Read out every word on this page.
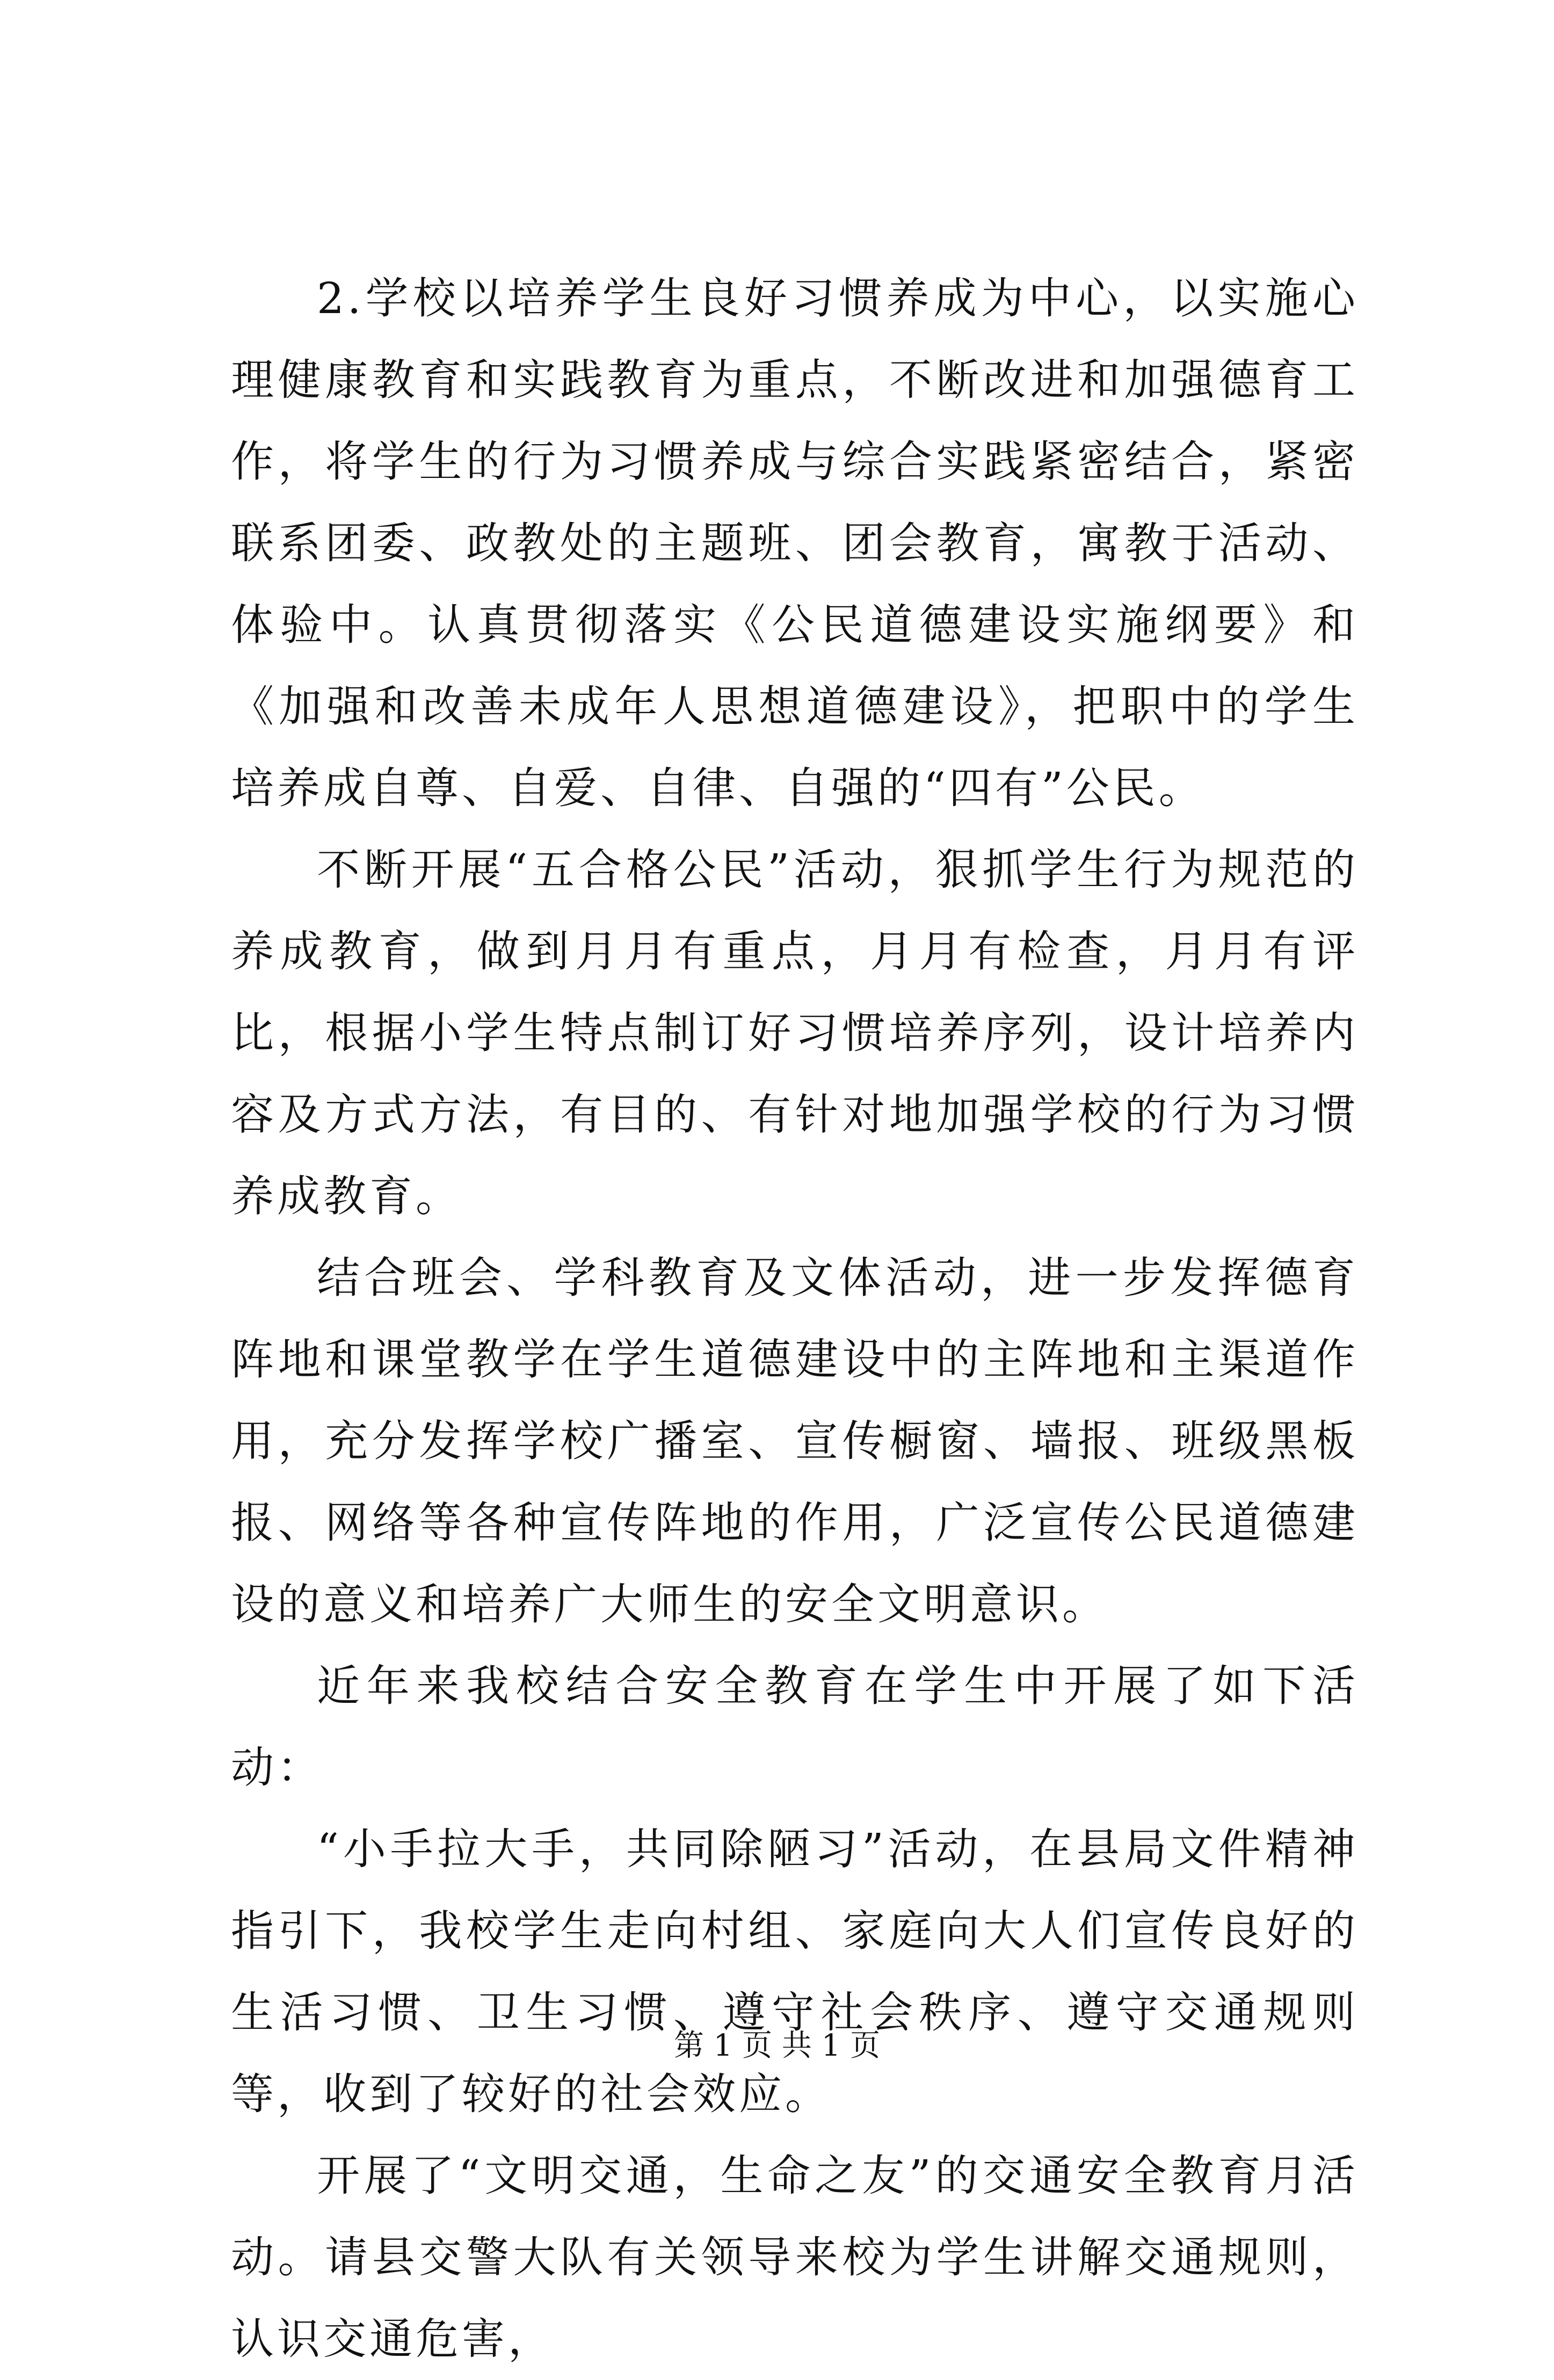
2.学校以培养学生良好习惯养成为中心，以实施心理健康教育和实践教育为重点，不断改进和加强德育工作，将学生的行为习惯养成与综合实践紧密结合，紧密联系团委、政教处的主题班、团会教育，寓教于活动、体验中。认真贯彻落实《公民道德建设实施纲要》和《加强和改善未成年人思想道德建设》，把职中的学生培养成自尊、自爱、自律、自强的“四有”公民。

不断开展“五合格公民”活动，狠抓学生行为规范的养成教育，做到月月有重点，月月有检查，月月有评比，根据小学生特点制订好习惯培养序列，设计培养内容及方式方法，有目的、有针对地加强学校的行为习惯养成教育。

结合班会、学科教育及文体活动，进一步发挥德育阵地和课堂教学在学生道德建设中的主阵地和主渠道作用，充分发挥学校广播室、宣传橱窗、墙报、班级黑板报、网络等各种宣传阵地的作用，广泛宣传公民道德建设的意义和培养广大师生的安全文明意识。

近年来我校结合安全教育在学生中开展了如下活动：

“小手拉大手，共同除陋习”活动，在县局文件精神指引下，我校学生走向村组、家庭向大人们宣传良好的生活习惯、卫生习惯、遵守社会秩序、遵守交通规则等，收到了较好的社会效应。

开展了“文明交通，生命之友”的交通安全教育月活动。请县交警大队有关领导来校为学生讲解交通规则，认识交通危害，

第 1 页 共 1 页
